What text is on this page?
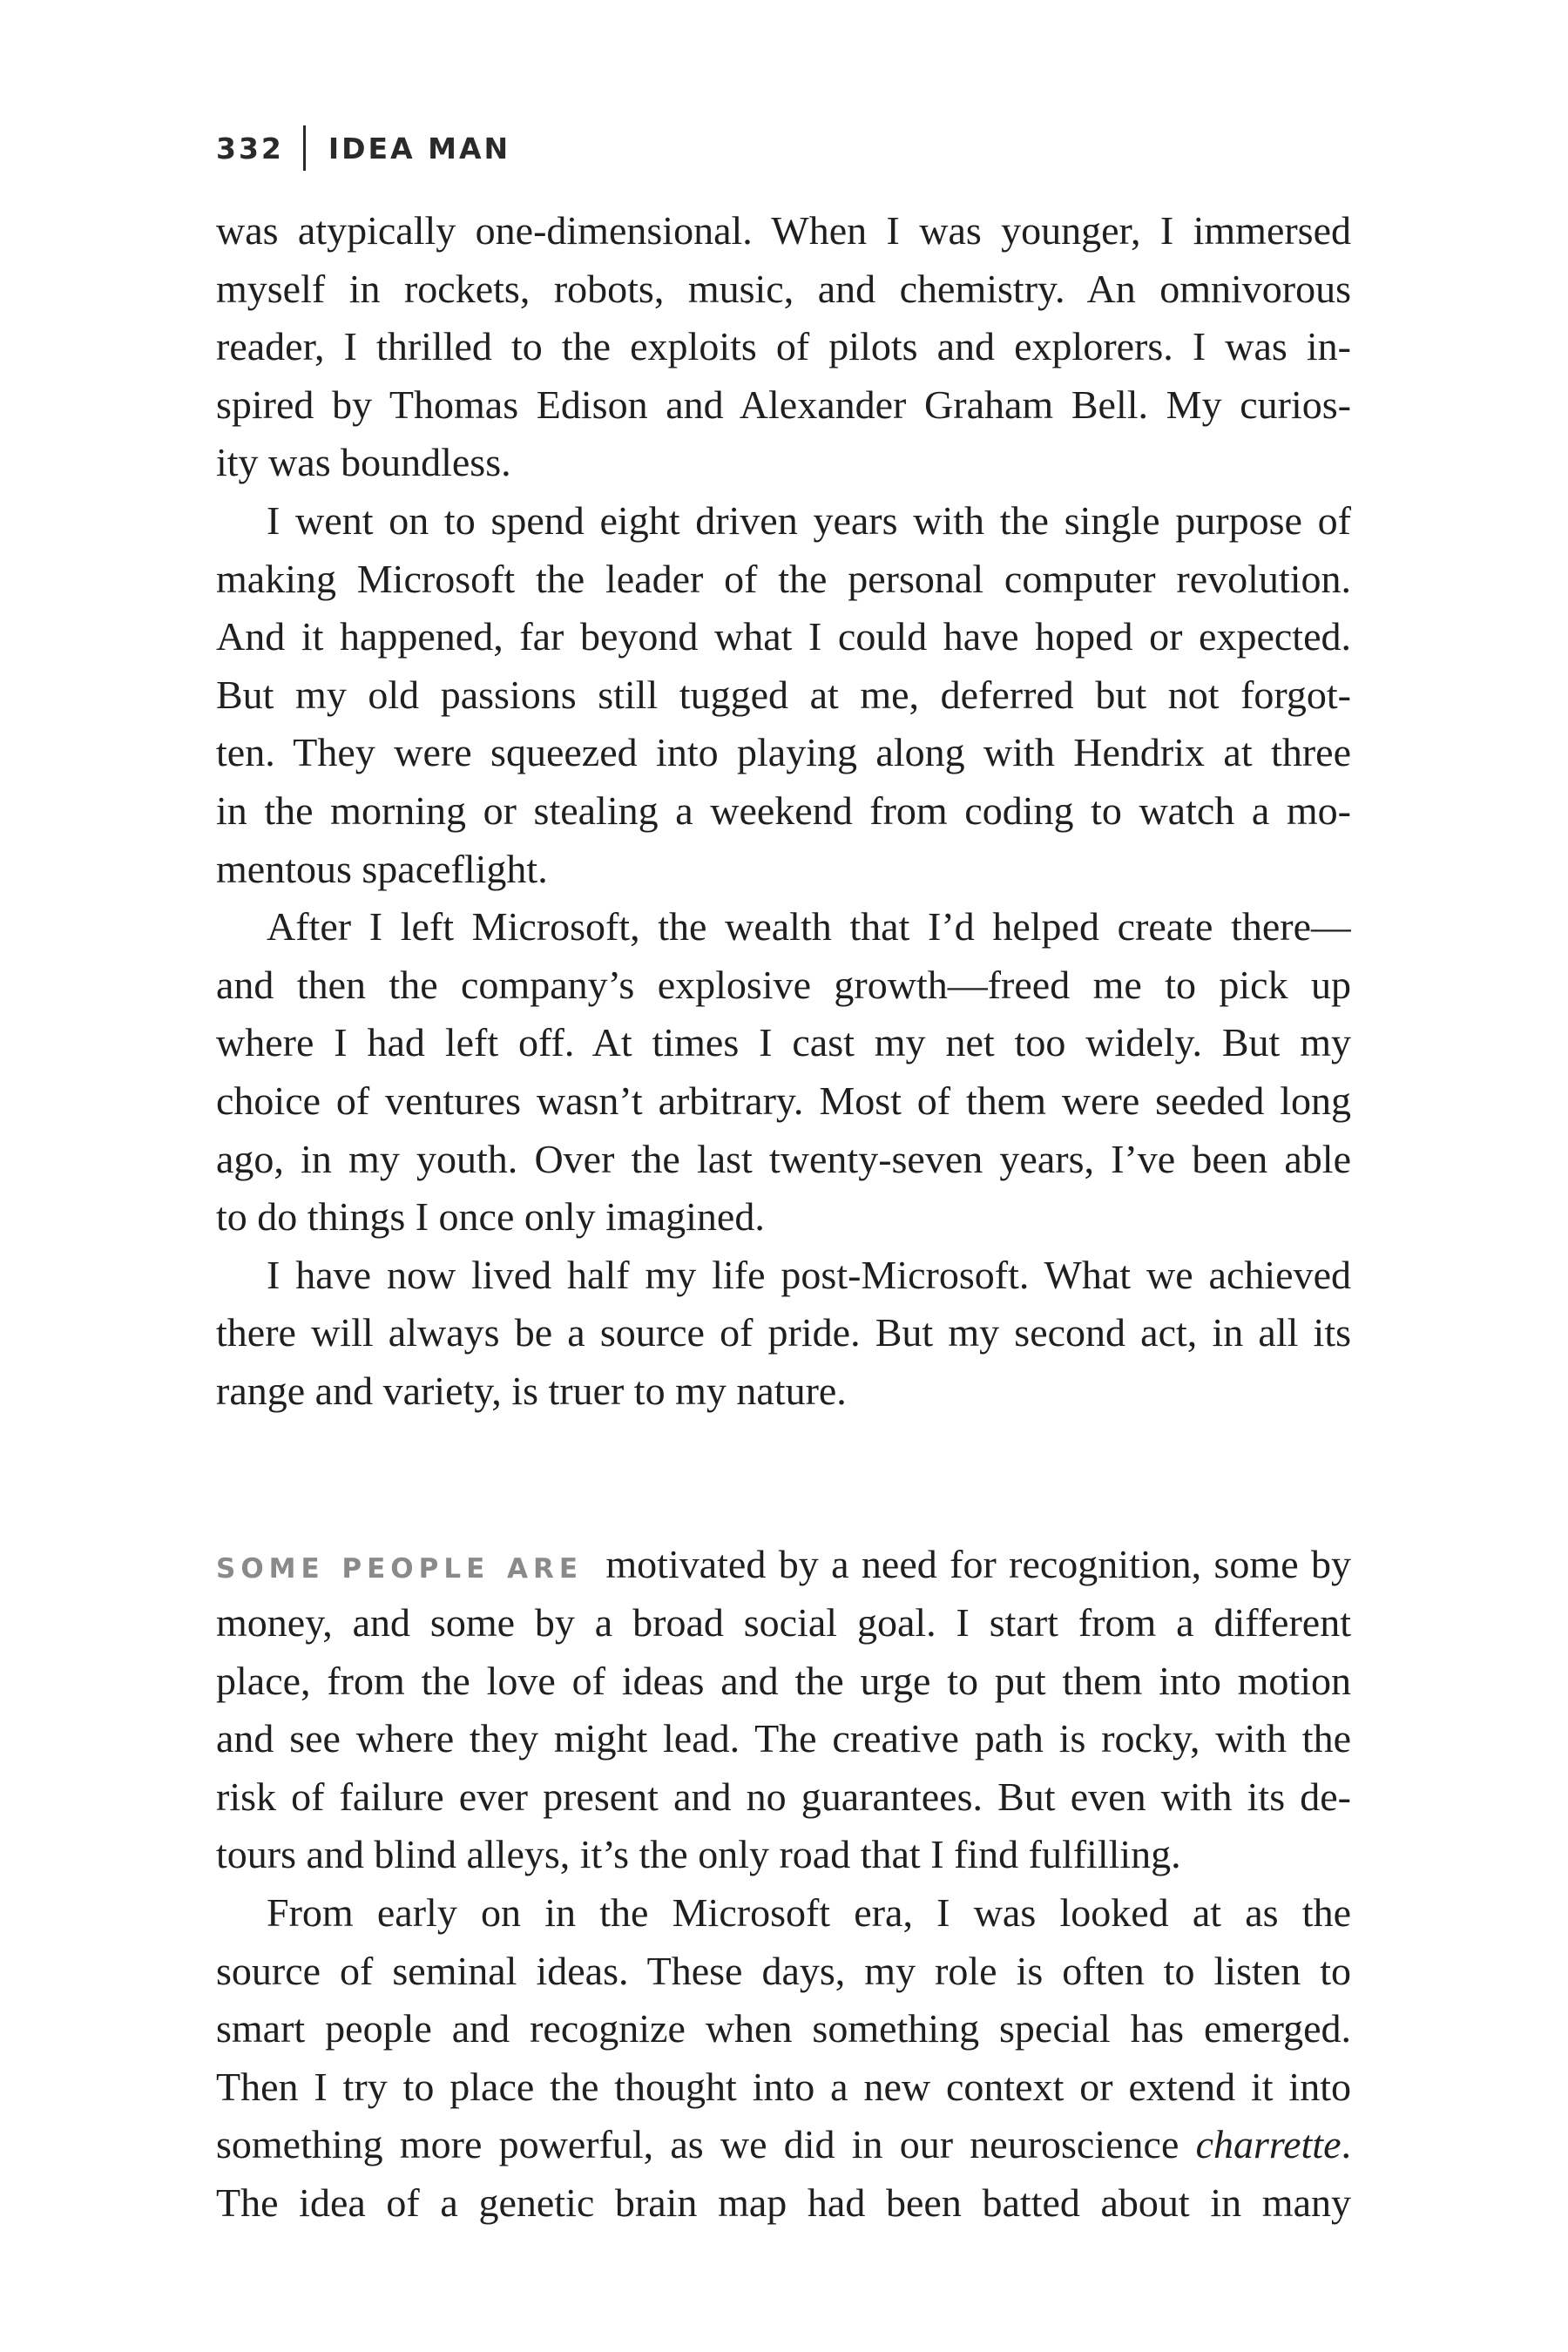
332 IDEA MAN

was atypically one-dimensional. When I was younger, I immersed
myself in rockets, robots, music, and chemistry. An omnivorous
reader, I thrilled to the exploits of pilots and explorers. I was in-
spired by Thomas Edison and Alexander Graham Bell. My curios-
ity was boundless.

I went on to spend eight driven years with the single purpose of
making Microsoft the leader of the personal computer revolution.
And it happened, far beyond what I could have hoped or expected.
But my old passions still tugged at me, deferred but not forgot-
ten. They were squeezed into playing along with Hendrix at three
in the morning or stealing a weekend from coding to watch a mo-
mentous spaceflight.

After I left Microsoft, the wealth that I’d helped create there—
and then the company’s explosive growth—freed me to pick up
where I had left off. At times I cast my net too widely. But my
choice of ventures wasn’t arbitrary. Most of them were seeded long
ago, in my youth. Over the last twenty-seven years, I’ve been able
to do things I once only imagined.

I have now lived half my life post-Microsoft. What we achieved
there will always be a source of pride. But my second act, in all its
range and variety, is truer to my nature.

SOME PEOPLE ARE motivated by a need for recognition, some by
money, and some by a broad social goal. I start from a different
place, from the love of ideas and the urge to put them into motion
and see where they might lead. The creative path is rocky, with the
risk of failure ever present and no guarantees. But even with its de-
tours and blind alleys, it’s the only road that I find fulfilling.

From early on in the Microsoft era, I was looked at as the
source of seminal ideas. These days, my role is often to listen to
smart people and recognize when something special has emerged.
Then I try to place the thought into a new context or extend it into
something more powerful, as we did in our neuroscience charrette.
The idea of a genetic brain map had been batted about in many
